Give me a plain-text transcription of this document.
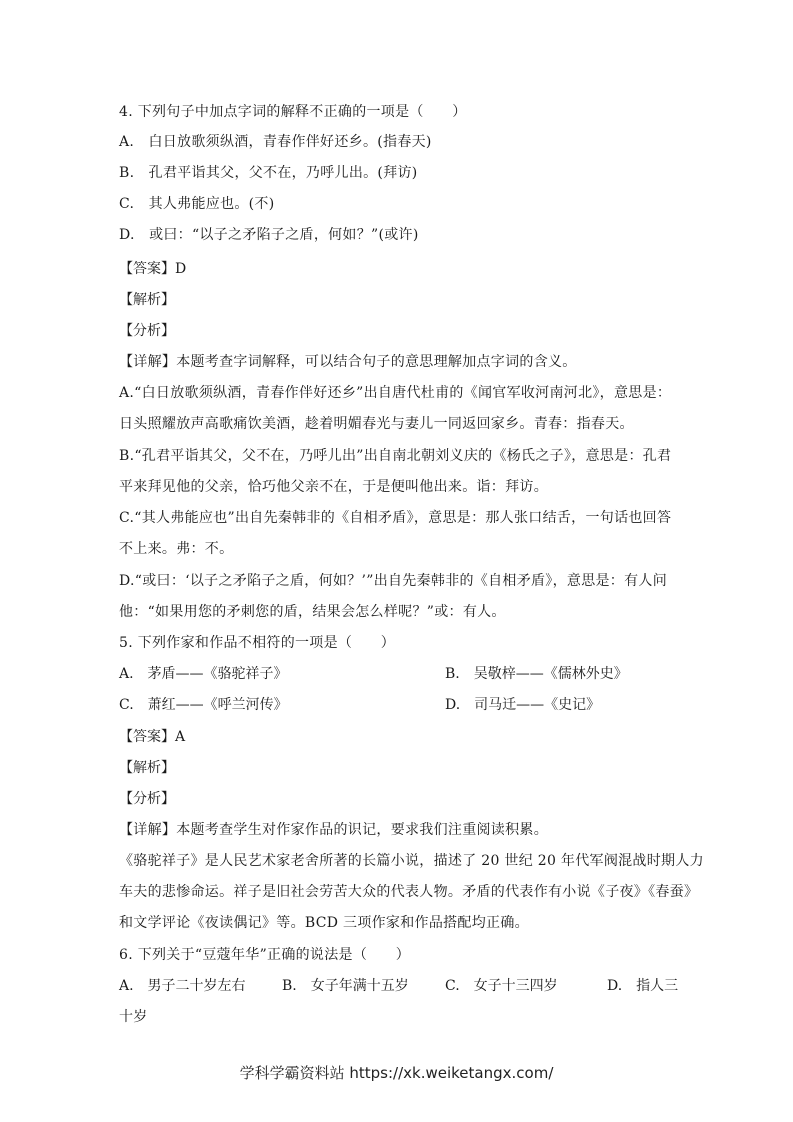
4. 下列句子中加点字词的解释不正确的一项是（　　）
A.　白日放歌须纵酒，青春作伴好还乡。(指春天)
B.　孔君平诣其父，父不在，乃呼儿出。(拜访)
C.　其人弗能应也。(不)
D.　或曰：“以子之矛陷子之盾，何如？”(或许)
【答案】D
【解析】
【分析】
【详解】本题考查字词解释，可以结合句子的意思理解加点字词的含义。
A.“白日放歌须纵酒，青春作伴好还乡”出自唐代杜甫的《闻官军收河南河北》，意思是：
日头照耀放声高歌痛饮美酒，趁着明媚春光与妻儿一同返回家乡。青春：指春天。
B.“孔君平诣其父，父不在，乃呼儿出”出自南北朝刘义庆的《杨氏之子》，意思是：孔君
平来拜见他的父亲，恰巧他父亲不在，于是便叫他出来。诣：拜访。
C.“其人弗能应也”出自先秦韩非的《自相矛盾》，意思是：那人张口结舌，一句话也回答
不上来。弗：不。
D.“或曰：‘以子之矛陷子之盾，何如？’”出自先秦韩非的《自相矛盾》，意思是：有人问
他：“如果用您的矛刺您的盾，结果会怎么样呢？”或：有人。
5. 下列作家和作品不相符的一项是（　　）
A.　茅盾——《骆驼祥子》	B.　吴敬梓——《儒林外史》
C.　萧红——《呼兰河传》	D.　司马迁——《史记》
【答案】A
【解析】
【分析】
【详解】本题考查学生对作家作品的识记，要求我们注重阅读积累。
《骆驼祥子》是人民艺术家老舍所著的长篇小说，描述了 20 世纪 20 年代军阀混战时期人力
车夫的悲惨命运。祥子是旧社会劳苦大众的代表人物。矛盾的代表作有小说《子夜》《春蚕》
和文学评论《夜读偶记》等。BCD 三项作家和作品搭配均正确。
6. 下列关于“豆蔻年华”正确的说法是（　　）
A.　男子二十岁左右	B.　女子年满十五岁	C.　女子十三四岁	D.　指人三
十岁
学科学霸资料站 https://xk.weiketangx.com/
